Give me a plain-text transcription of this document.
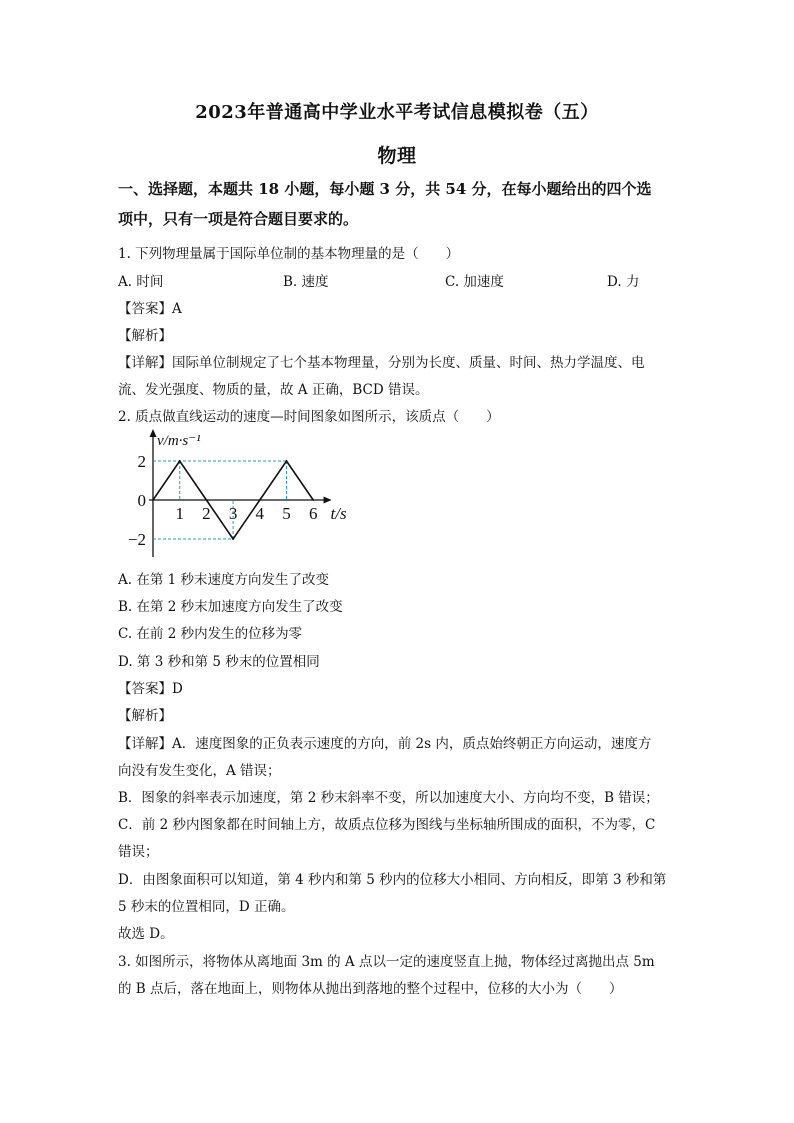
2023年普通高中学业水平考试信息模拟卷（五）
物理
一、选择题，本题共 18 小题，每小题 3 分，共 54 分，在每小题给出的四个选
项中，只有一项是符合题目要求的。
1. 下列物理量属于国际单位制的基本物理量的是（　　）
A. 时间	B. 速度	C. 加速度	D. 力
【答案】A
【解析】
【详解】国际单位制规定了七个基本物理量，分别为长度、质量、时间、热力学温度、电
流、发光强度、物质的量，故 A 正确，BCD 错误。
2. 质点做直线运动的速度—时间图象如图所示，该质点（　　）
1 2 3 4 5 6
2
0
−2
t/s
v/m·s⁻¹
A. 在第 1 秒末速度方向发生了改变
B. 在第 2 秒末加速度方向发生了改变
C. 在前 2 秒内发生的位移为零
D. 第 3 秒和第 5 秒末的位置相同
【答案】D
【解析】
【详解】A．速度图象的正负表示速度的方向，前 2s 内，质点始终朝正方向运动，速度方
向没有发生变化，A 错误；
B．图象的斜率表示加速度，第 2 秒末斜率不变，所以加速度大小、方向均不变，B 错误；
C．前 2 秒内图象都在时间轴上方，故质点位移为图线与坐标轴所围成的面积，不为零，C
错误；
D．由图象面积可以知道，第 4 秒内和第 5 秒内的位移大小相同、方向相反，即第 3 秒和第
5 秒末的位置相同，D 正确。
故选 D。
3. 如图所示，将物体从离地面 3m 的 A 点以一定的速度竖直上抛，物体经过离抛出点 5m
的 B 点后，落在地面上，则物体从抛出到落地的整个过程中，位移的大小为（　　）
